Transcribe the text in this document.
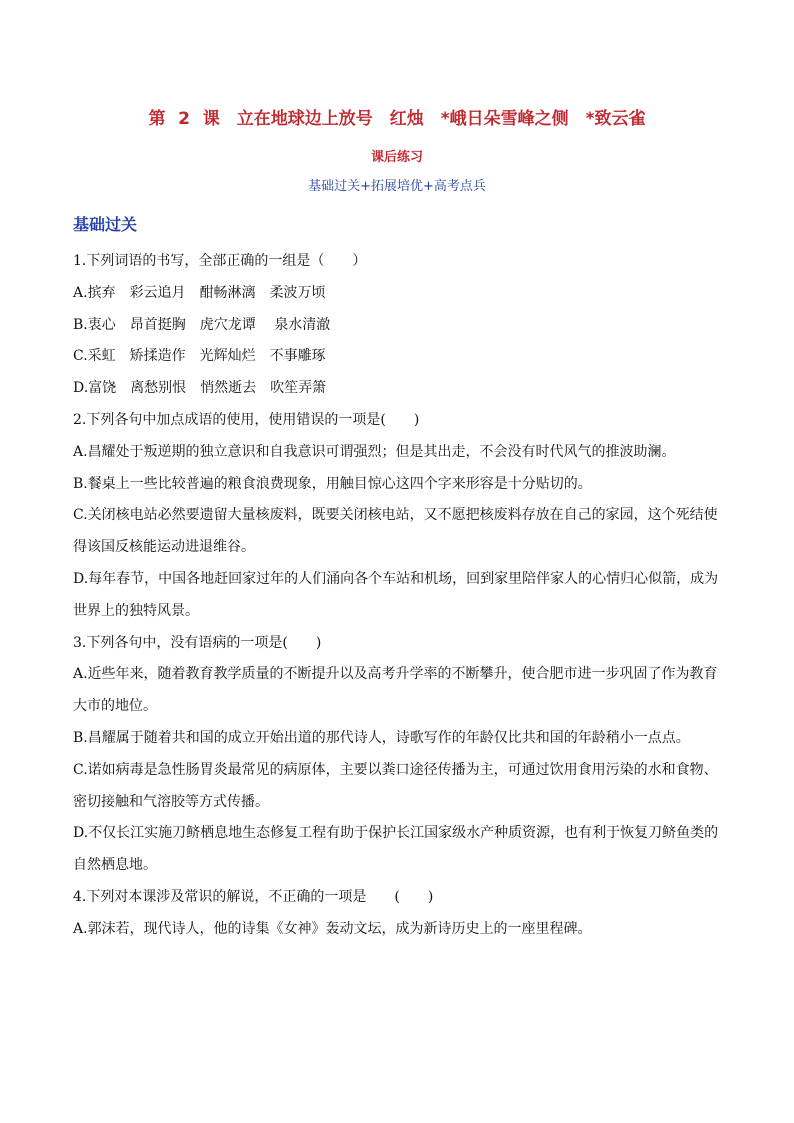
第 2 课　立在地球边上放号　红烛　*峨日朵雪峰之侧　*致云雀
课后练习
基础过关+拓展培优+高考点兵
基础过关
1.下列词语的书写，全部正确的一组是（　　）
A.摈弃 彩云追月 酣畅淋漓 柔波万顷
B.衷心 昂首挺胸 虎穴龙谭 泉水清澈
C.采虹 矫揉造作 光辉灿烂 不事雕琢
D.富饶 离愁别恨 悄然逝去 吹笙弄箫
2.下列各句中加点成语的使用，使用错误的一项是(　　)
A.昌耀处于叛逆期的独立意识和自我意识可谓强烈；但是其出走，不会没有时代风气的推波助澜。
B.餐桌上一些比较普遍的粮食浪费现象，用触目惊心这四个字来形容是十分贴切的。
C.关闭核电站必然要遗留大量核废料，既要关闭核电站，又不愿把核废料存放在自己的家园，这个死结使得该国反核能运动进退维谷。
D.每年春节，中国各地赶回家过年的人们涌向各个车站和机场，回到家里陪伴家人的心情归心似箭，成为世界上的独特风景。
3.下列各句中，没有语病的一项是(　　)
A.近些年来，随着教育教学质量的不断提升以及高考升学率的不断攀升，使合肥市进一步巩固了作为教育大市的地位。
B.昌耀属于随着共和国的成立开始出道的那代诗人，诗歌写作的年龄仅比共和国的年龄稍小一点点。
C.诺如病毒是急性肠胃炎最常见的病原体，主要以粪口途径传播为主，可通过饮用食用污染的水和食物、密切接触和气溶胶等方式传播。
D.不仅长江实施刀鲚栖息地生态修复工程有助于保护长江国家级水产种质资源，也有利于恢复刀鲚鱼类的自然栖息地。
4.下列对本课涉及常识的解说，不正确的一项是　　(　　)
A.郭沫若，现代诗人，他的诗集《女神》轰动文坛，成为新诗历史上的一座里程碑。
